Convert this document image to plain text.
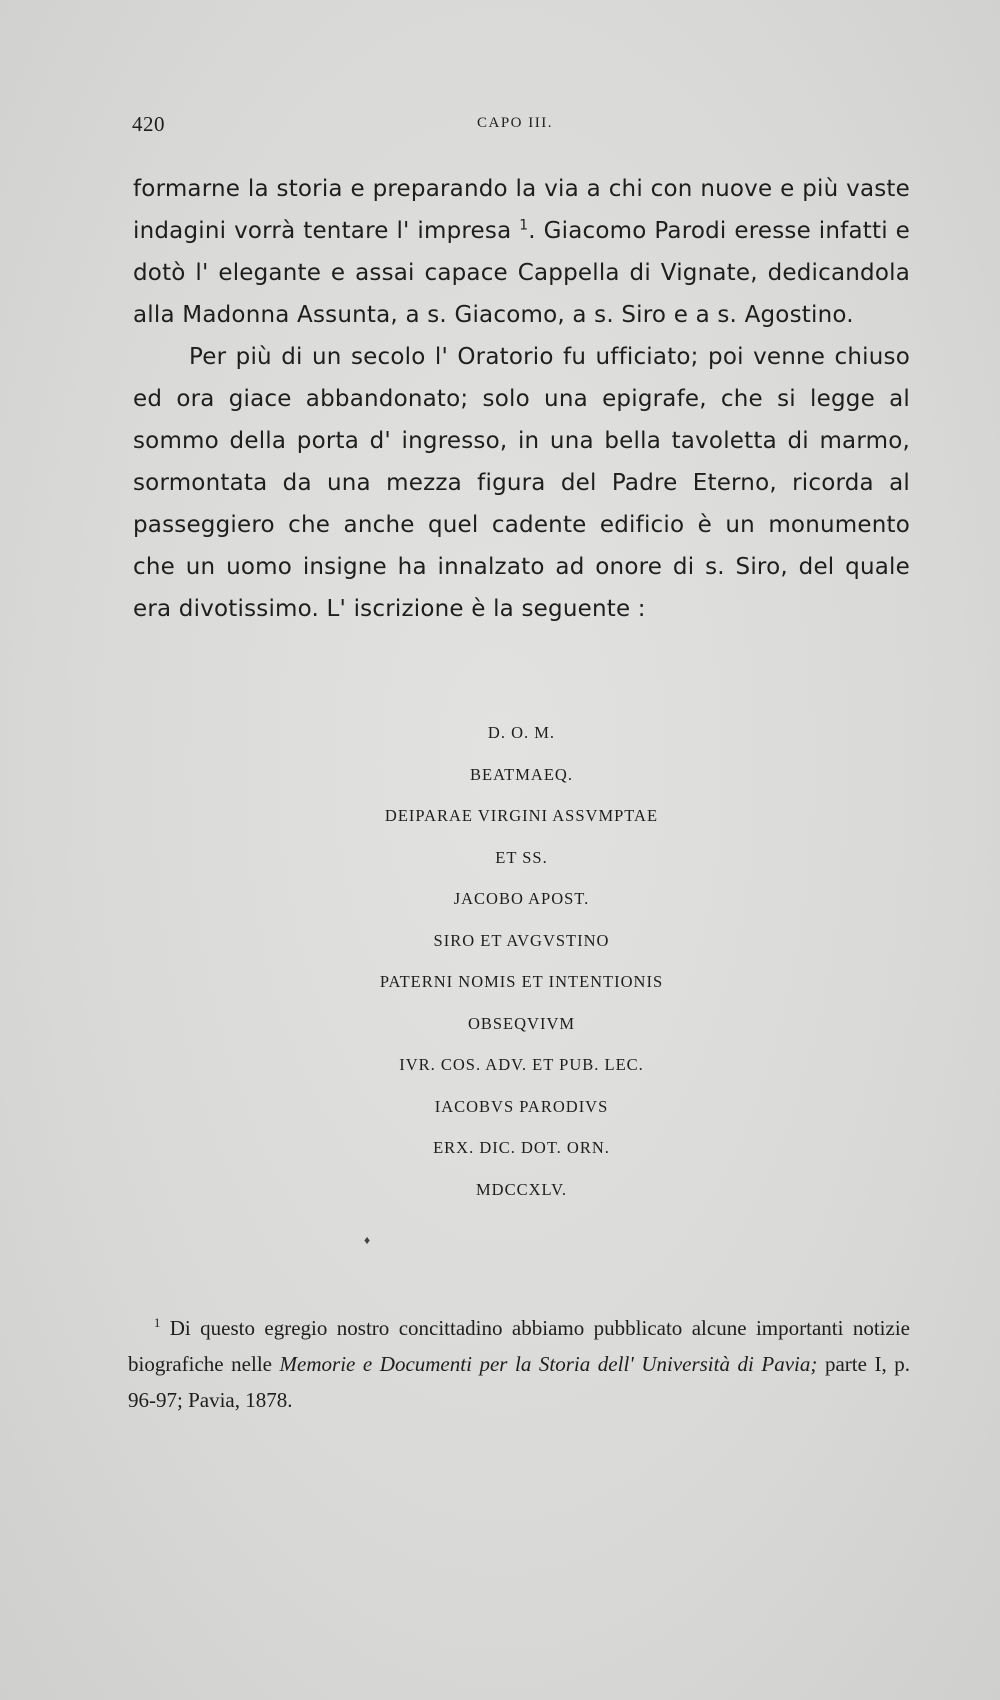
420	CAPO III.

formarne la storia e preparando la via a chi con nuove e più vaste indagini vorrà tentare l' impresa $^1$. Giacomo Parodi eresse infatti e dotò l' elegante e assai capace Cappella di Vignate, dedicandola alla Madonna Assunta, a s. Giacomo, a s. Siro e a s. Agostino.

Per più di un secolo l' Oratorio fu ufficiato; poi venne chiuso ed ora giace abbandonato; solo una epigrafe, che si legge al sommo della porta d' ingresso, in una bella tavoletta di marmo, sormontata da una mezza figura del Padre Eterno, ricorda al passeggiero che anche quel cadente edificio è un monumento che un uomo insigne ha innalzato ad onore di s. Siro, del quale era divotissimo. L' iscrizione è la seguente :

D. O. M.
BEATMAEQ.
DEIPARAE VIRGINI ASSVMPTAE
ET SS.
JACOBO APOST.
SIRO ET AVGVSTINO
PATERNI NOMIS ET INTENTIONIS
OBSEQVIVM
IVR. COS. ADV. ET PUB. LEC.
IACOBVS PARODIVS
ERX. DIC. DOT. ORN.
MDCCXLV.
♦

$^1$ Di questo egregio nostro concittadino abbiamo pubblicato alcune importanti notizie biografiche nelle Memorie e Documenti per la Storia dell' Università di Pavia; parte I, p. 96-97; Pavia, 1878.
